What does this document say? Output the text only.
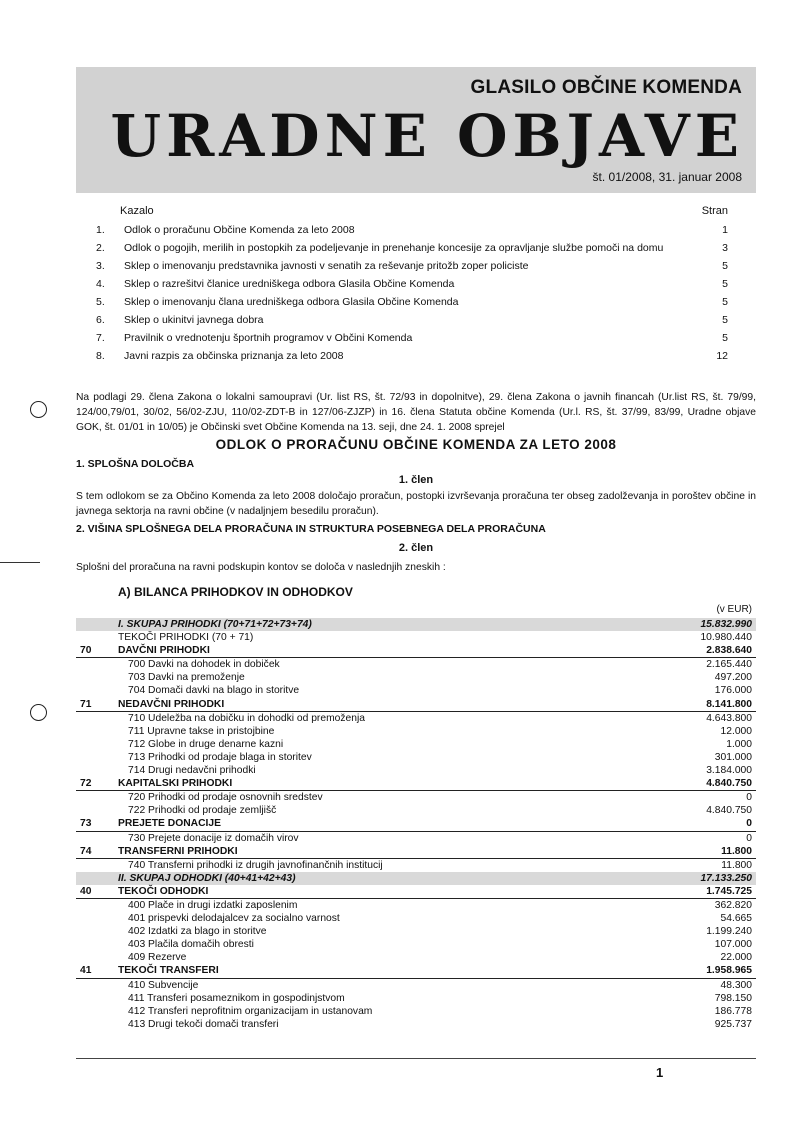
GLASILO OBČINE KOMENDA
URADNE OBJAVE
št. 01/2008, 31. januar 2008
Kazalo	Stran
1.	Odlok o proračunu Občine Komenda za leto 2008	1
2.	Odlok o pogojih, merilih in postopkih za podeljevanje in prenehanje koncesije za opravljanje službe pomoči na domu	3
3.	Sklep o imenovanju predstavnika javnosti v senatih za reševanje pritožb zoper policiste	5
4.	Sklep o razrešitvi članice uredniškega odbora Glasila Občine Komenda	5
5.	Sklep o imenovanju člana uredniškega odbora Glasila Občine Komenda	5
6.	Sklep o ukinitvi javnega dobra	5
7.	Pravilnik o vrednotenju športnih programov v Občini Komenda	5
8.	Javni razpis za občinska priznanja za leto 2008	12
Na podlagi 29. člena Zakona o lokalni samoupravi (Ur. list RS, št. 72/93 in dopolnitve), 29. člena Zakona o javnih financah (Ur.list RS, št. 79/99, 124/00,79/01, 30/02, 56/02-ZJU, 110/02-ZDT-B in 127/06-ZJZP) in 16. člena Statuta občine Komenda (Ur.l. RS, št. 37/99, 83/99, Uradne objave GOK, št. 01/01 in 10/05) je Občinski svet Občine Komenda na 13. seji, dne 24. 1. 2008 sprejel
ODLOK O PRORAČUNU OBČINE KOMENDA ZA LETO 2008
1. SPLOŠNA DOLOČBA
1. člen
S tem odlokom se za Občino Komenda za leto 2008 določajo proračun, postopki izvrševanja proračuna ter obseg zadolževanja in poroštev občine in javnega sektorja na ravni občine (v nadaljnjem besedilu proračun).
2. VIŠINA SPLOŠNEGA DELA PRORAČUNA IN STRUKTURA POSEBNEGA DELA PRORAČUNA
2. člen
Splošni del proračuna na ravni podskupin kontov se določa v naslednjih zneskih :
A) BILANCA PRIHODKOV IN ODHODKOV
(v EUR)
I. SKUPAJ PRIHODKI (70+71+72+73+74)	15.832.990
TEKOČI PRIHODKI (70 + 71)	10.980.440
70	DAVČNI PRIHODKI	2.838.640
700 Davki na dohodek in dobiček	2.165.440
703 Davki na premoženje	497.200
704 Domači davki na blago in storitve	176.000
71	NEDAVČNI PRIHODKI	8.141.800
710 Udeležba na dobičku in dohodki od premoženja	4.643.800
711 Upravne takse in pristojbine	12.000
712 Globe in druge denarne kazni	1.000
713 Prihodki od prodaje blaga in storitev	301.000
714 Drugi nedavčni prihodki	3.184.000
72	KAPITALSKI PRIHODKI	4.840.750
720 Prihodki od prodaje osnovnih sredstev	0
722 Prihodki od prodaje zemljišč	4.840.750
73	PREJETE DONACIJE	0
730 Prejete donacije iz domačih virov	0
74	TRANSFERNI PRIHODKI	11.800
740 Transferni prihodki iz drugih javnofinančnih institucij	11.800
II. SKUPAJ ODHODKI (40+41+42+43)	17.133.250
40	TEKOČI ODHODKI	1.745.725
400 Plače in drugi izdatki zaposlenim	362.820
401 prispevki delodajalcev za socialno varnost	54.665
402 Izdatki za blago in storitve	1.199.240
403 Plačila domačih obresti	107.000
409 Rezerve	22.000
41	TEKOČI TRANSFERI	1.958.965
410 Subvencije	48.300
411 Transferi posameznikom in gospodinjstvom	798.150
412 Transferi neprofitnim organizacijam in ustanovam	186.778
413 Drugi tekoči domači transferi	925.737
1
